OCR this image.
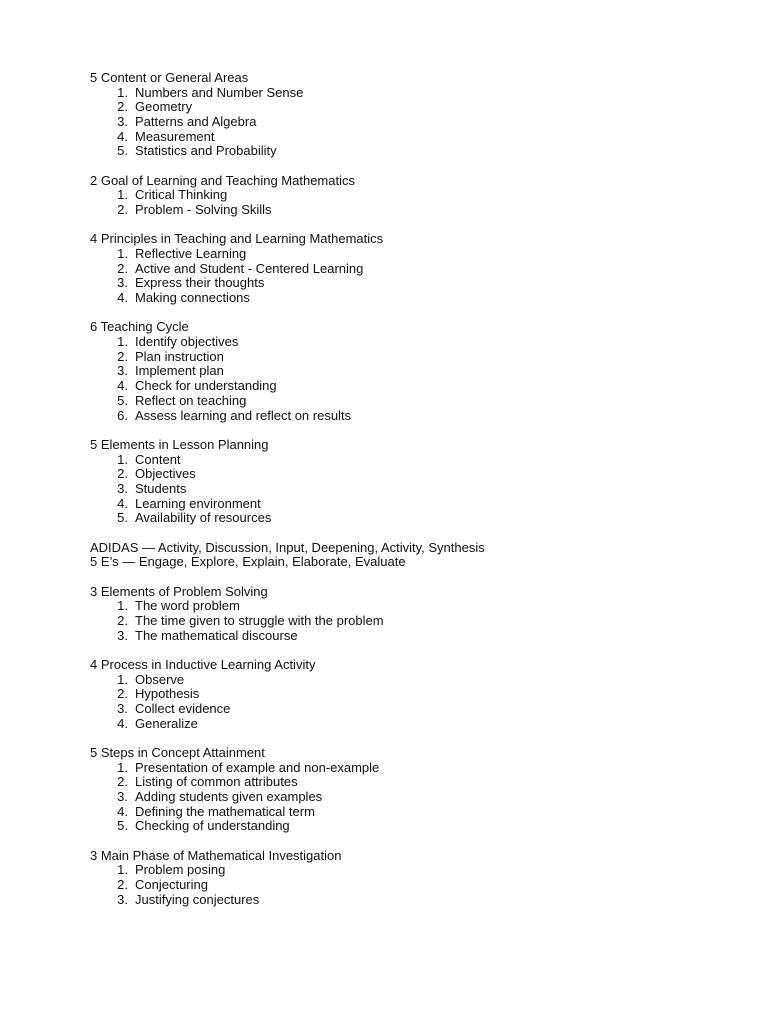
5 Content or General Areas
1. Numbers and Number Sense
2. Geometry
3. Patterns and Algebra
4. Measurement
5. Statistics and Probability
2 Goal of Learning and Teaching Mathematics
1. Critical Thinking
2. Problem - Solving Skills
4 Principles in Teaching and Learning Mathematics
1. Reflective Learning
2. Active and Student - Centered Learning
3. Express their thoughts
4. Making connections
6 Teaching Cycle
1. Identify objectives
2. Plan instruction
3. Implement plan
4. Check for understanding
5. Reflect on teaching
6. Assess learning and reflect on results
5 Elements in Lesson Planning
1. Content
2. Objectives
3. Students
4. Learning environment
5. Availability of resources
ADIDAS — Activity, Discussion, Input, Deepening, Activity, Synthesis
5 E’s — Engage, Explore, Explain, Elaborate, Evaluate
3 Elements of Problem Solving
1. The word problem
2. The time given to struggle with the problem
3. The mathematical discourse
4 Process in Inductive Learning Activity
1. Observe
2. Hypothesis
3. Collect evidence
4. Generalize
5 Steps in Concept Attainment
1. Presentation of example and non-example
2. Listing of common attributes
3. Adding students given examples
4. Defining the mathematical term
5. Checking of understanding
3 Main Phase of Mathematical Investigation
1. Problem posing
2. Conjecturing
3. Justifying conjectures
